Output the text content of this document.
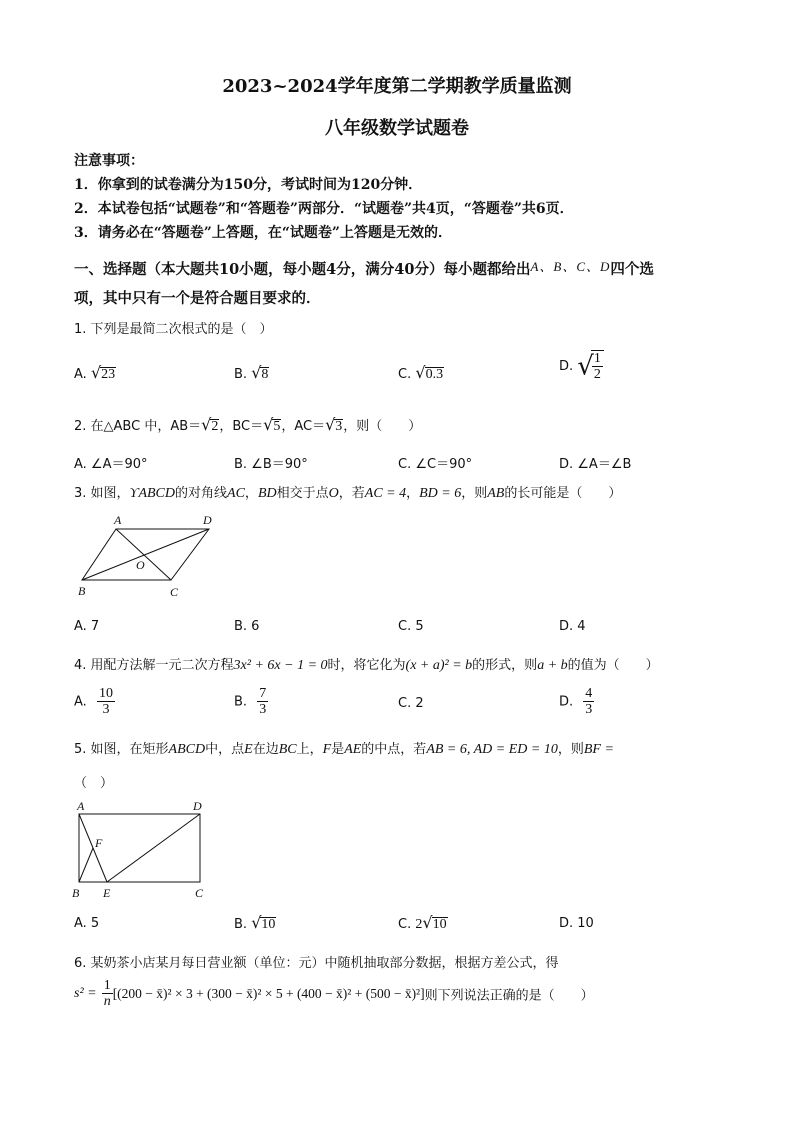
2023~2024学年度第二学期教学质量监测
八年级数学试题卷
注意事项：
1．你拿到的试卷满分为150分，考试时间为120分钟．
2．本试卷包括“试题卷”和“答题卷”两部分．“试题卷”共4页，“答题卷”共6页．
3．请务必在“答题卷”上答题，在“试题卷”上答题是无效的．
一、选择题（本大题共10小题，每小题4分，满分40分）每小题都给出A、B、C、D四个选
项，其中只有一个是符合题目要求的．
1. 下列是最简二次根式的是（　）
A. √23	B. √8	C. √0.3
D. √
$\frac{1}{2}$
2. 在△ABC 中，AB＝√2，BC＝√5，AC＝√3，则（　　）
A. ∠A＝90°	B. ∠B＝90°	C. ∠C＝90°	D. ∠A＝∠B
3. 如图，ϒABCD的对角线AC，BD相交于点O，若AC = 4，BD = 6，则AB的长可能是（　　）
A	D
B	C
O
A. 7	B. 6	C. 5	D. 4
4. 用配方法解一元二次方程3x² + 6x − 1 = 0时，将它化为(x + a)² = b的形式，则a + b的值为（　　）
A. $\frac{10}{3}$	B. $\frac{7}{3}$	C. 2	D. $\frac{4}{3}$
5. 如图，在矩形ABCD中，点E在边BC上，F是AE的中点，若AB = 6, AD = ED = 10，则BF =
（　）
A	D
B E	C
F
A. 5	B. √10	C. 2√10	D. 10
6. 某奶茶小店某月每日营业额（单位：元）中随机抽取部分数据，根据方差公式，得
$s^2 = \frac{1}{n} [(200$ − x̄)² × 3 + (300 − x̄)² × 5 + (400 − x̄)² + (500 − x̄)²]则下列说法正确的是（　　）
